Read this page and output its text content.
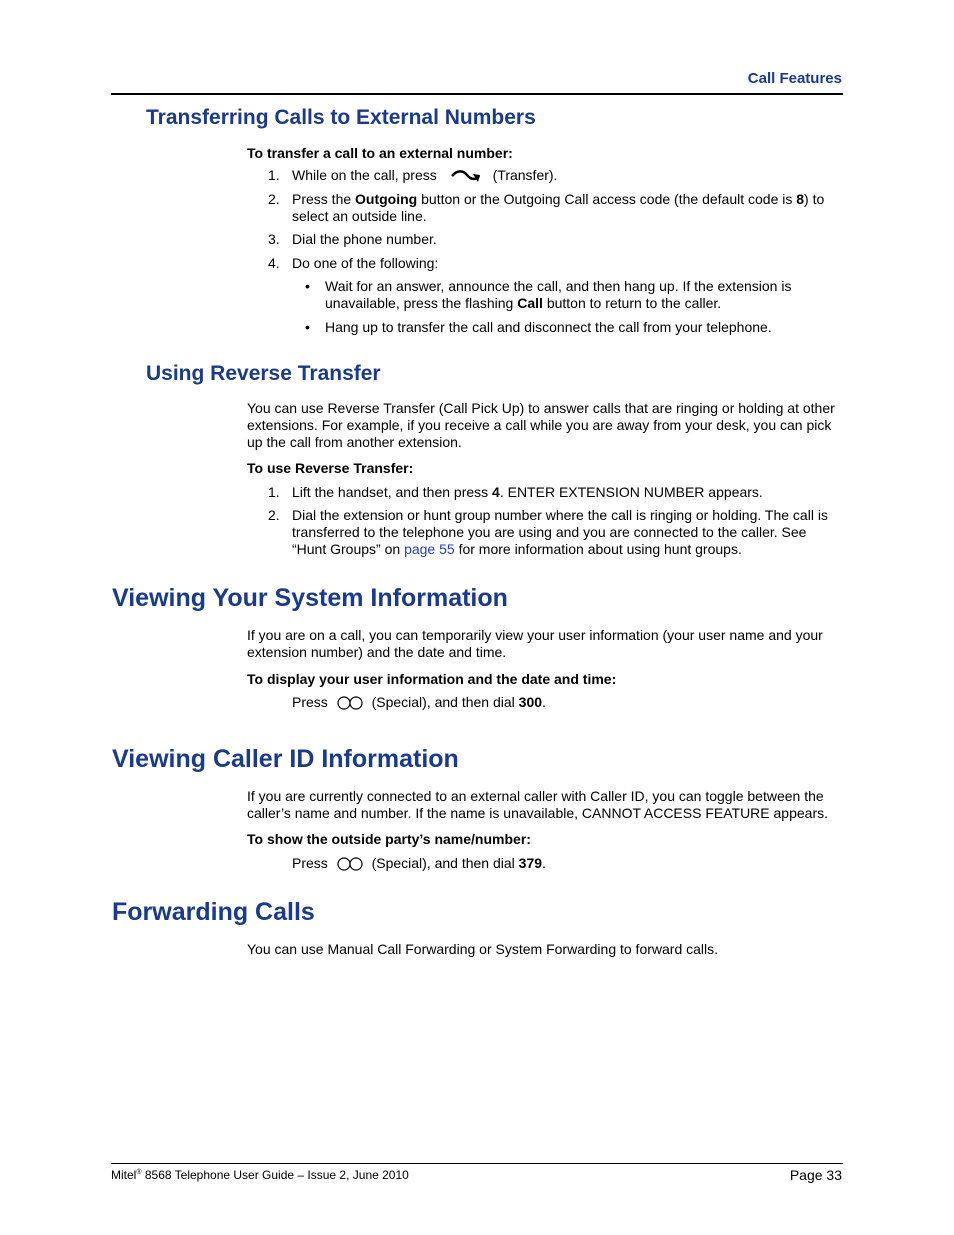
Call Features
Transferring Calls to External Numbers
To transfer a call to an external number:
1. While on the call, press	(Transfer).
2. Press the Outgoing button or the Outgoing Call access code (the default code is 8) to select an outside line.
3. Dial the phone number.
4. Do one of the following:
• Wait for an answer, announce the call, and then hang up. If the extension is unavailable, press the flashing Call button to return to the caller.
• Hang up to transfer the call and disconnect the call from your telephone.
Using Reverse Transfer
You can use Reverse Transfer (Call Pick Up) to answer calls that are ringing or holding at other extensions. For example, if you receive a call while you are away from your desk, you can pick up the call from another extension.
To use Reverse Transfer:
1. Lift the handset, and then press 4. ENTER EXTENSION NUMBER appears.
2. Dial the extension or hunt group number where the call is ringing or holding. The call is transferred to the telephone you are using and you are connected to the caller. See “Hunt Groups” on page 55 for more information about using hunt groups.
Viewing Your System Information
If you are on a call, you can temporarily view your user information (your user name and your extension number) and the date and time.
To display your user information and the date and time:
Press	(Special), and then dial 300.
Viewing Caller ID Information
If you are currently connected to an external caller with Caller ID, you can toggle between the caller’s name and number. If the name is unavailable, CANNOT ACCESS FEATURE appears.
To show the outside party’s name/number:
Press	(Special), and then dial 379.
Forwarding Calls
You can use Manual Call Forwarding or System Forwarding to forward calls.
Mitel® 8568 Telephone User Guide – Issue 2, June 2010	Page 33
